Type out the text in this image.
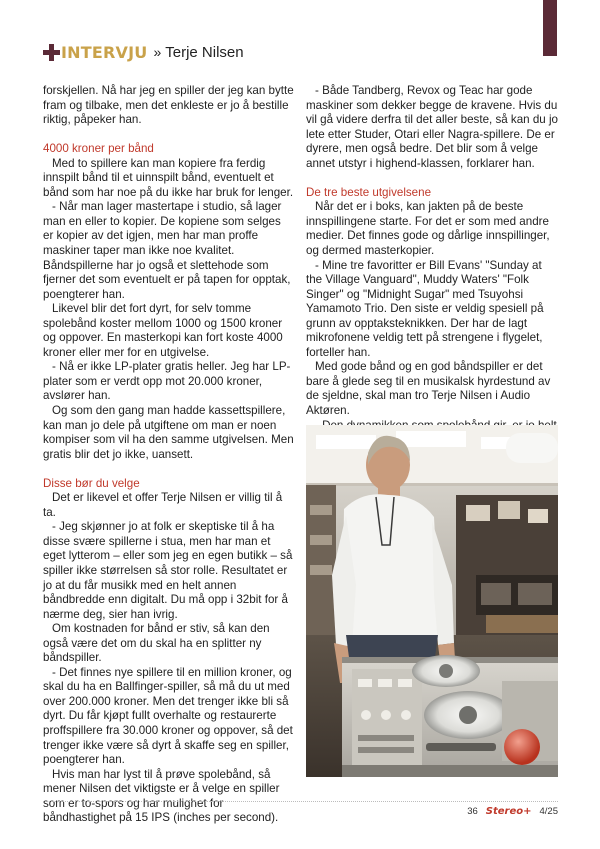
INTERVJU » Terje Nilsen

forskjellen. Nå har jeg en spiller der jeg kan bytte fram og tilbake, men det enkleste er jo å bestille riktig, påpeker han.

4000 kroner per bånd

Med to spillere kan man kopiere fra ferdig innspilt bånd til et uinnspilt bånd, eventuelt et bånd som har noe på du ikke har bruk for lenger.

- Når man lager mastertape i studio, så lager man en eller to kopier. De kopiene som selges er kopier av det igjen, men har man proffe maskiner taper man ikke noe kvalitet. Båndspillerne har jo også et slettehode som fjerner det som eventuelt er på tapen for opptak, poengterer han.

Likevel blir det fort dyrt, for selv tomme spolebånd koster mellom 1000 og 1500 kroner og oppover. En masterkopi kan fort koste 4000 kroner eller mer for en utgivelse.

- Nå er ikke LP-plater gratis heller. Jeg har LP-plater som er verdt opp mot 20.000 kroner, avslører han.

Og som den gang man hadde kassettspillere, kan man jo dele på utgiftene om man er noen kompiser som vil ha den samme utgivelsen. Men gratis blir det jo ikke, uansett.

Disse bør du velge

Det er likevel et offer Terje Nilsen er villig til å ta.

- Jeg skjønner jo at folk er skeptiske til å ha disse svære spillerne i stua, men har man et eget lytterom – eller som jeg en egen butikk – så spiller ikke størrelsen så stor rolle. Resultatet er jo at du får musikk med en helt annen båndbredde enn digitalt. Du må opp i 32bit for å nærme deg, sier han ivrig.

Om kostnaden for bånd er stiv, så kan den også være det om du skal ha en splitter ny båndspiller.

- Det finnes nye spillere til en million kroner, og skal du ha en Ballfinger-spiller, så må du ut med over 200.000 kroner. Men det trenger ikke bli så dyrt. Du får kjøpt fullt overhalte og restaurerte proffspillere fra 30.000 kroner og oppover, så det trenger ikke være så dyrt å skaffe seg en spiller, poengterer han.

Hvis man har lyst til å prøve spolebånd, så mener Nilsen det viktigste er å velge en spiller som er to-spors og har mulighet for båndhastighet på 15 IPS (inches per second).

- Både Tandberg, Revox og Teac har gode maskiner som dekker begge de kravene. Hvis du vil gå videre derfra til det aller beste, så kan du jo lete etter Studer, Otari eller Nagra-spillere. De er dyrere, men også bedre. Det blir som å velge annet utstyr i highend-klassen, forklarer han.

De tre beste utgivelsene

Når det er i boks, kan jakten på de beste innspillingene starte. For det er som med andre medier. Det finnes gode og dårlige innspillinger, og dermed masterkopier.

- Mine tre favoritter er Bill Evans' "Sunday at the Village Vanguard", Muddy Waters' "Folk Singer" og "Midnight Sugar" med Tsuyohsi Yamamoto Trio. Den siste er veldig spesiell på grunn av opptaksteknikken. Der har de lagt mikrofonene veldig tett på strengene i flygelet, forteller han.

Med gode bånd og en god båndspiller er det bare å glede seg til en musikalsk hyrdestund av de sjeldne, skal man tro Terje Nilsen i Audio Aktøren.

36 Stereo+ 4/25
